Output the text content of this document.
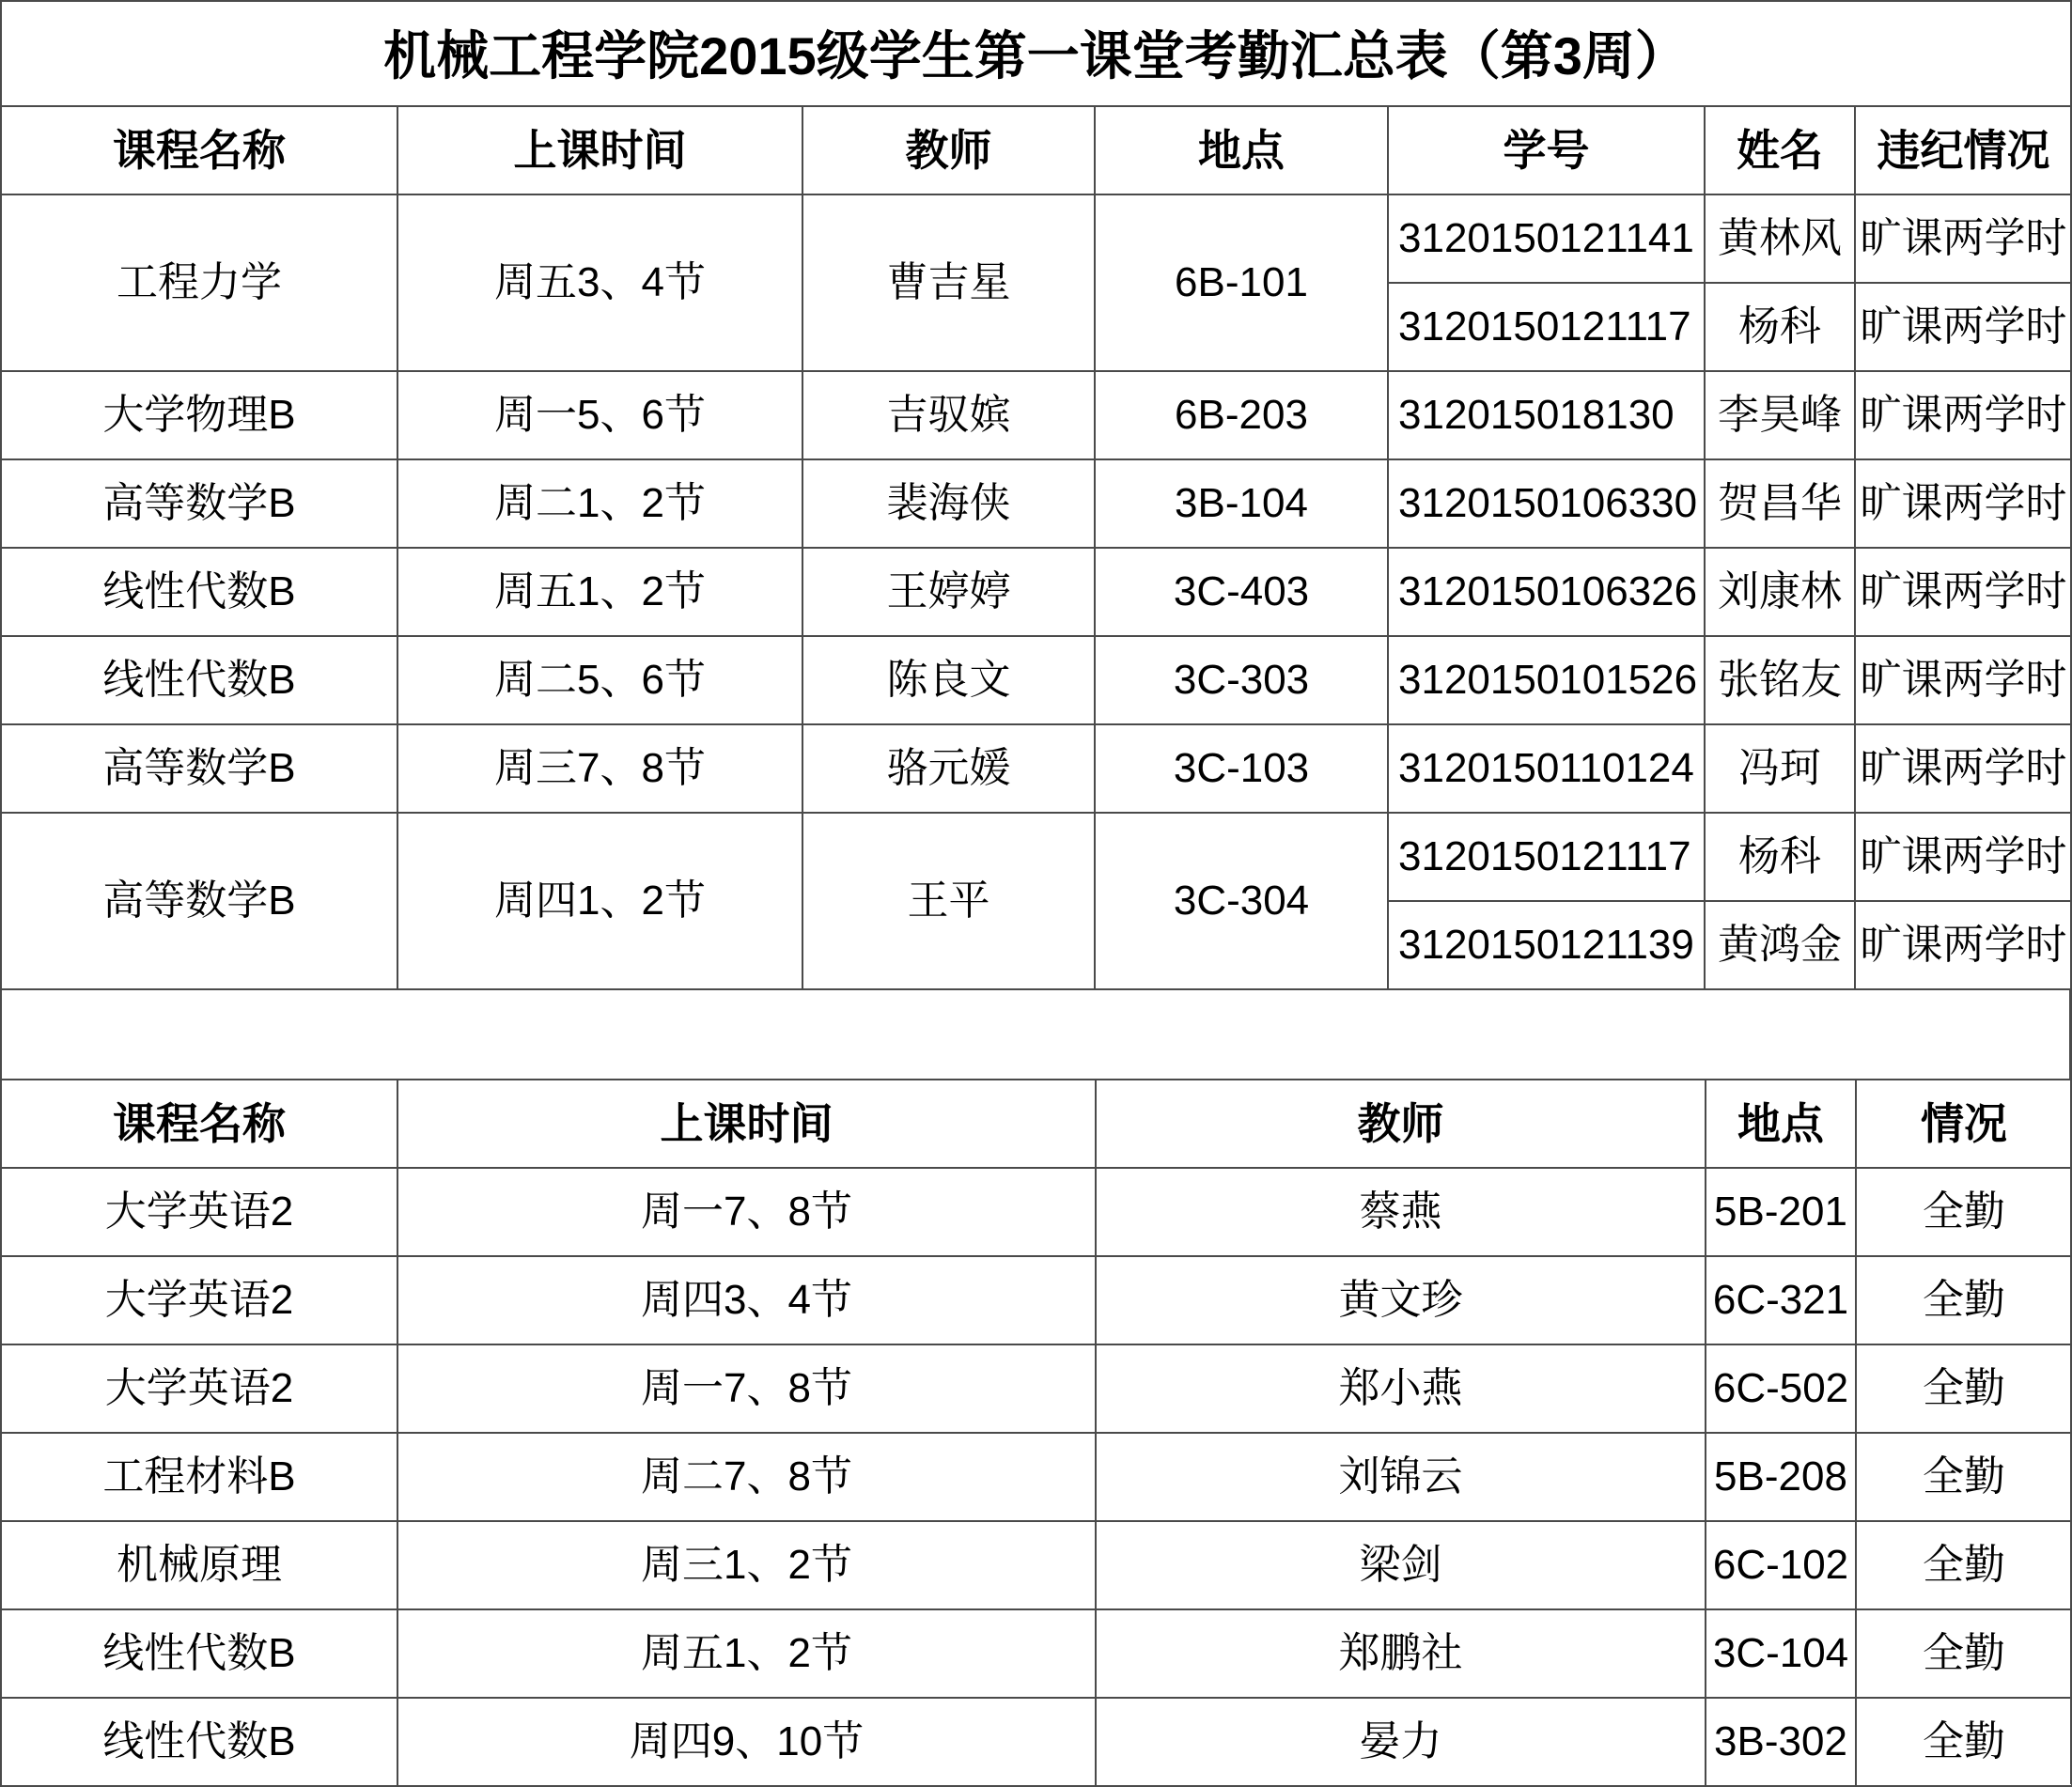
机械工程学院2015级学生第一课堂考勤汇总表（第3周）
课程名称	上课时间	教师	地点	学号	姓名	违纪情况
工程力学	周五3、4节	曹吉星	6B-101	3120150121141	黄林风	旷课两学时
				3120150121117	杨科	旷课两学时
大学物理B	周一5、6节	吉驭嫔	6B-203	312015018130	李昊峰	旷课两学时
高等数学B	周二1、2节	裴海侠	3B-104	3120150106330	贺昌华	旷课两学时
线性代数B	周五1、2节	王婷婷	3C-403	3120150106326	刘康林	旷课两学时
线性代数B	周二5、6节	陈良文	3C-303	3120150101526	张铭友	旷课两学时
高等数学B	周三7、8节	骆元媛	3C-103	3120150110124	冯珂	旷课两学时
高等数学B	周四1、2节	王平	3C-304	3120150121117	杨科	旷课两学时
				3120150121139	黄鸿金	旷课两学时
课程名称	上课时间	教师	地点	情况
大学英语2	周一7、8节	蔡燕	5B-201	全勤
大学英语2	周四3、4节	黄文珍	6C-321	全勤
大学英语2	周一7、8节	郑小燕	6C-502	全勤
工程材料B	周二7、8节	刘锦云	5B-208	全勤
机械原理	周三1、2节	梁剑	6C-102	全勤
线性代数B	周五1、2节	郑鹏社	3C-104	全勤
线性代数B	周四9、10节	晏力	3B-302	全勤
